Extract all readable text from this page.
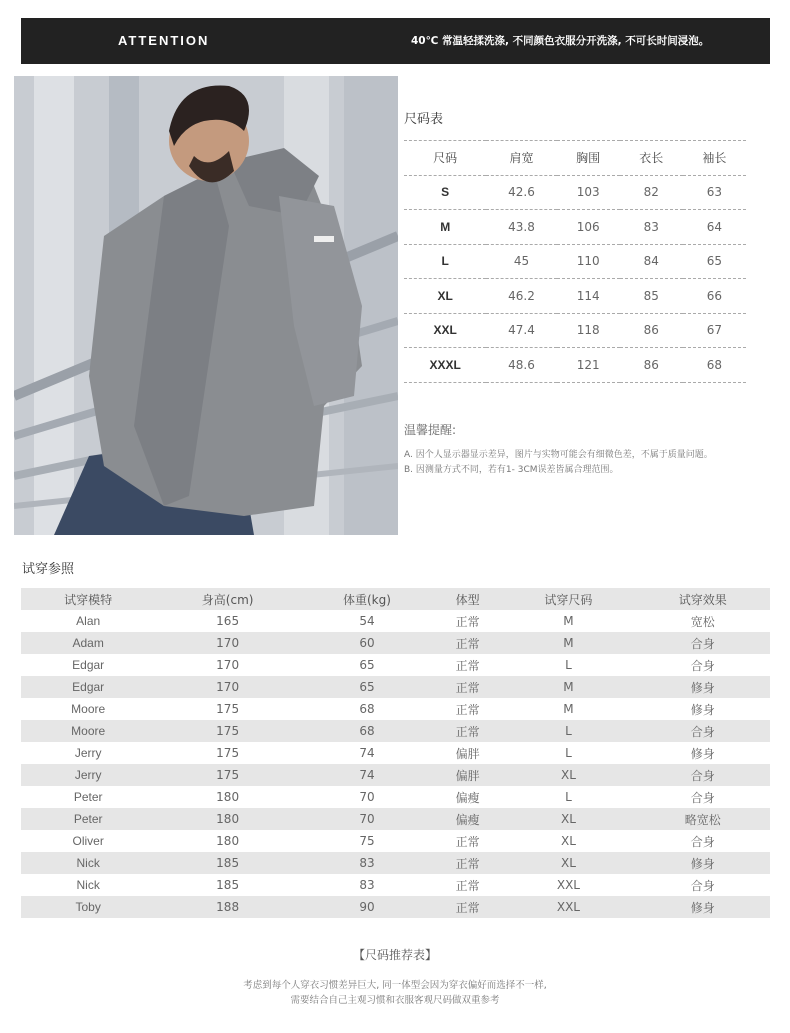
ATTENTION	40℃ 常温轻揉洗涤, 不同颜色衣服分开洗涤, 不可长时间浸泡。
尺码表
尺码	肩宽	胸围	衣长	袖长
S	42.6	103	82	63
M	43.8	106	83	64
L	45	110	84	65
XL	46.2	114	85	66
XXL	47.4	118	86	67
XXXL	48.6	121	86	68
温馨提醒:
A. 因个人显示器显示差异，图片与实物可能会有细微色差，不属于质量问题。
B. 因测量方式不同，若有1- 3CM误差皆属合理范围。
试穿参照
试穿模特	身高(cm)	体重(kg)	体型	试穿尺码	试穿效果
Alan	165	54	正常	M	宽松
Adam	170	60	正常	M	合身
Edgar	170	65	正常	L	合身
Edgar	170	65	正常	M	修身
Moore	175	68	正常	M	修身
Moore	175	68	正常	L	合身
Jerry	175	74	偏胖	L	修身
Jerry	175	74	偏胖	XL	合身
Peter	180	70	偏瘦	L	合身
Peter	180	70	偏瘦	XL	略宽松
Oliver	180	75	正常	XL	合身
Nick	185	83	正常	XL	修身
Nick	185	83	正常	XXL	合身
Toby	188	90	正常	XXL	修身
【尺码推荐表】
考虑到每个人穿衣习惯差异巨大, 同一体型会因为穿衣偏好而选择不一样,
需要结合自己主观习惯和衣服客观尺码做双重参考
